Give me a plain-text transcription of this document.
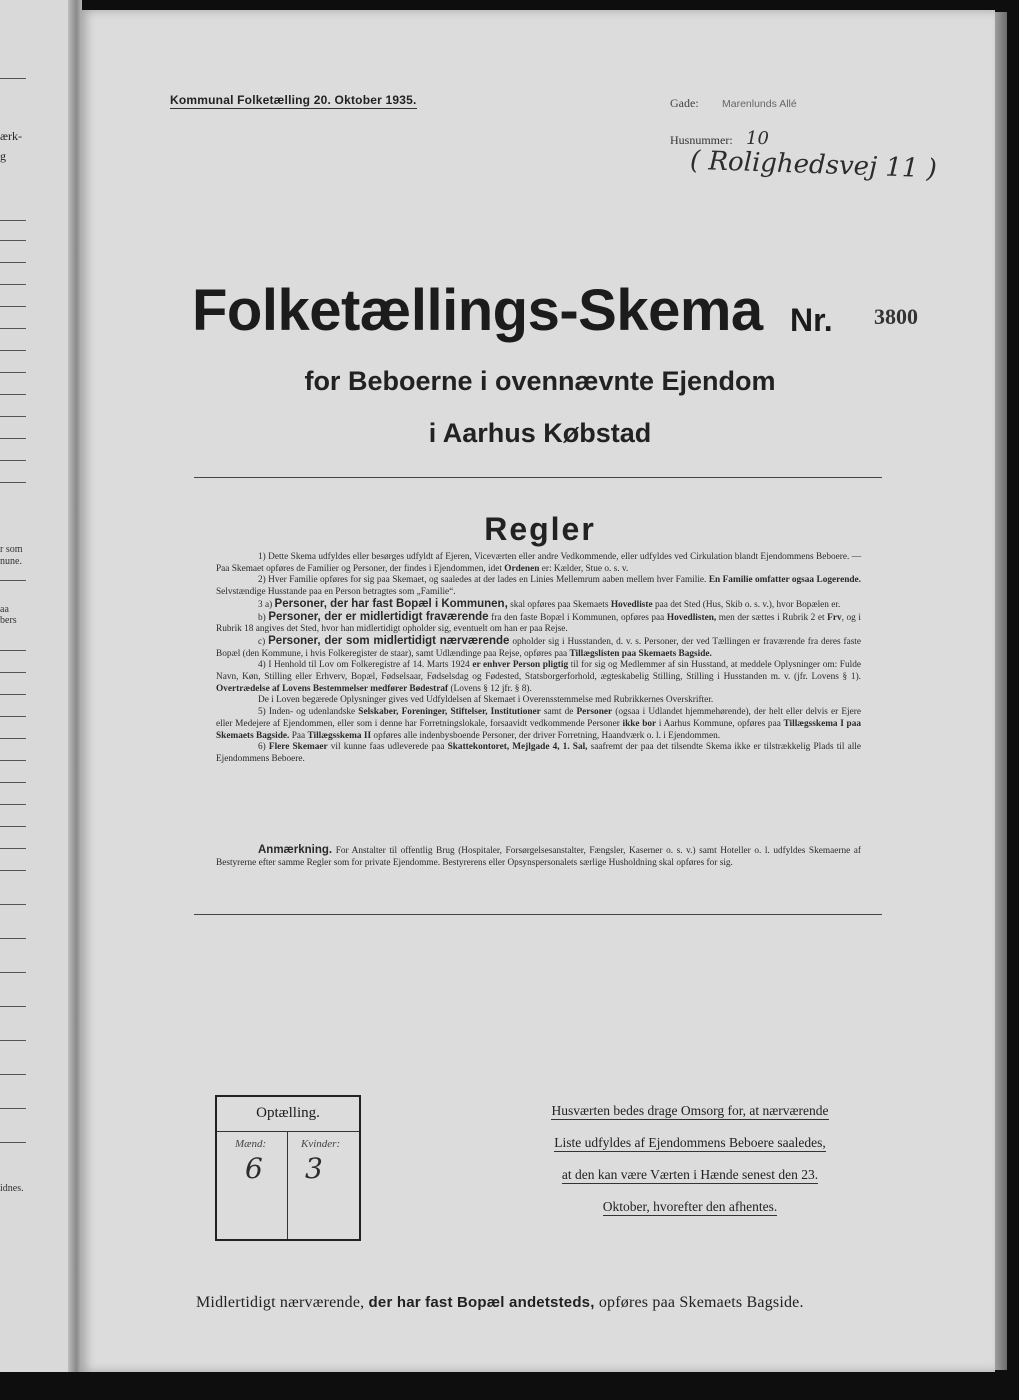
ærk-
g
r som
nune.
aa
bers
idnes.
Kommunal Folketælling 20. Oktober 1935.	Gade: Marenlunds Allé
Husnummer: 10
( Rolighedsvej 11 )
Folketællings-Skema Nr. 3800
for Beboerne i ovennævnte Ejendom
i Aarhus Købstad
Regler

1) Dette Skema udfyldes eller besørges udfyldt af Ejeren, Viceværten eller andre Vedkommende, eller udfyldes ved Cirkulation blandt Ejendommens Beboere. — Paa Skemaet opføres de Familier og Personer, der findes i Ejendommen, idet Ordenen er: Kælder, Stue o. s. v.

2) Hver Familie opføres for sig paa Skemaet, og saaledes at der lades en Linies Mellemrum aaben mellem hver Familie. En Familie omfatter ogsaa Logerende. Selvstændige Husstande paa en Person betragtes som „Familie“.

3 a) Personer, der har fast Bopæl i Kommunen, skal opføres paa Skemaets Hovedliste paa det Sted (Hus, Skib o. s. v.), hvor Bopælen er.

b) Personer, der er midlertidigt fraværende fra den faste Bopæl i Kommunen, opføres paa Hovedlisten, men der sættes i Rubrik 2 et Frv, og i Rubrik 18 angives det Sted, hvor han midlertidigt opholder sig, eventuelt om han er paa Rejse.

c) Personer, der som midlertidigt nærværende opholder sig i Husstanden, d. v. s. Personer, der ved Tællingen er fraværende fra deres faste Bopæl (den Kommune, i hvis Folkeregister de staar), samt Udlændinge paa Rejse, opføres paa Tillægslisten paa Skemaets Bagside.

4) I Henhold til Lov om Folkeregistre af 14. Marts 1924 er enhver Person pligtig til for sig og Medlemmer af sin Husstand, at meddele Oplysninger om: Fulde Navn, Køn, Stilling eller Erhverv, Bopæl, Fødselsaar, Fødselsdag og Fødested, Statsborgerforhold, ægteskabelig Stilling, Stilling i Husstanden m. v. (jfr. Lovens § 1). Overtrædelse af Lovens Bestemmelser medfører Bødestraf (Lovens § 12 jfr. § 8).

De i Loven begærede Oplysninger gives ved Udfyldelsen af Skemaet i Overensstemmelse med Rubrikkernes Overskrifter.

5) Inden- og udenlandske Selskaber, Foreninger, Stiftelser, Institutioner samt de Personer (ogsaa i Udlandet hjemmehørende), der helt eller delvis er Ejere eller Medejere af Ejendommen, eller som i denne har Forretningslokale, forsaavidt vedkommende Personer ikke bor i Aarhus Kommune, opføres paa Tillægsskema I paa Skemaets Bagside. Paa Tillægsskema II opføres alle indenbysboende Personer, der driver Forretning, Haandværk o. l. i Ejendommen.

6) Flere Skemaer vil kunne faas udleverede paa Skattekontoret, Mejlgade 4, 1. Sal, saafremt der paa det tilsendte Skema ikke er tilstrækkelig Plads til alle Ejendommens Beboere.

Anmærkning. For Anstalter til offentlig Brug (Hospitaler, Forsørgelsesanstalter, Fængsler, Kaserner o. s. v.) samt Hoteller o. l. udfyldes Skemaerne af Bestyrerne efter samme Regler som for private Ejendomme. Bestyrerens eller Opsynspersonalets særlige Husholdning skal opføres for sig.

Optælling.
Mænd:
6
Kvinder:
3
Husværten bedes drage Omsorg for, at nærværende
Liste udfyldes af Ejendommens Beboere saaledes,
at den kan være Værten i Hænde senest den 23.
Oktober, hvorefter den afhentes.
Midlertidigt nærværende, der har fast Bopæl andetsteds, opføres paa Skemaets Bagside.
